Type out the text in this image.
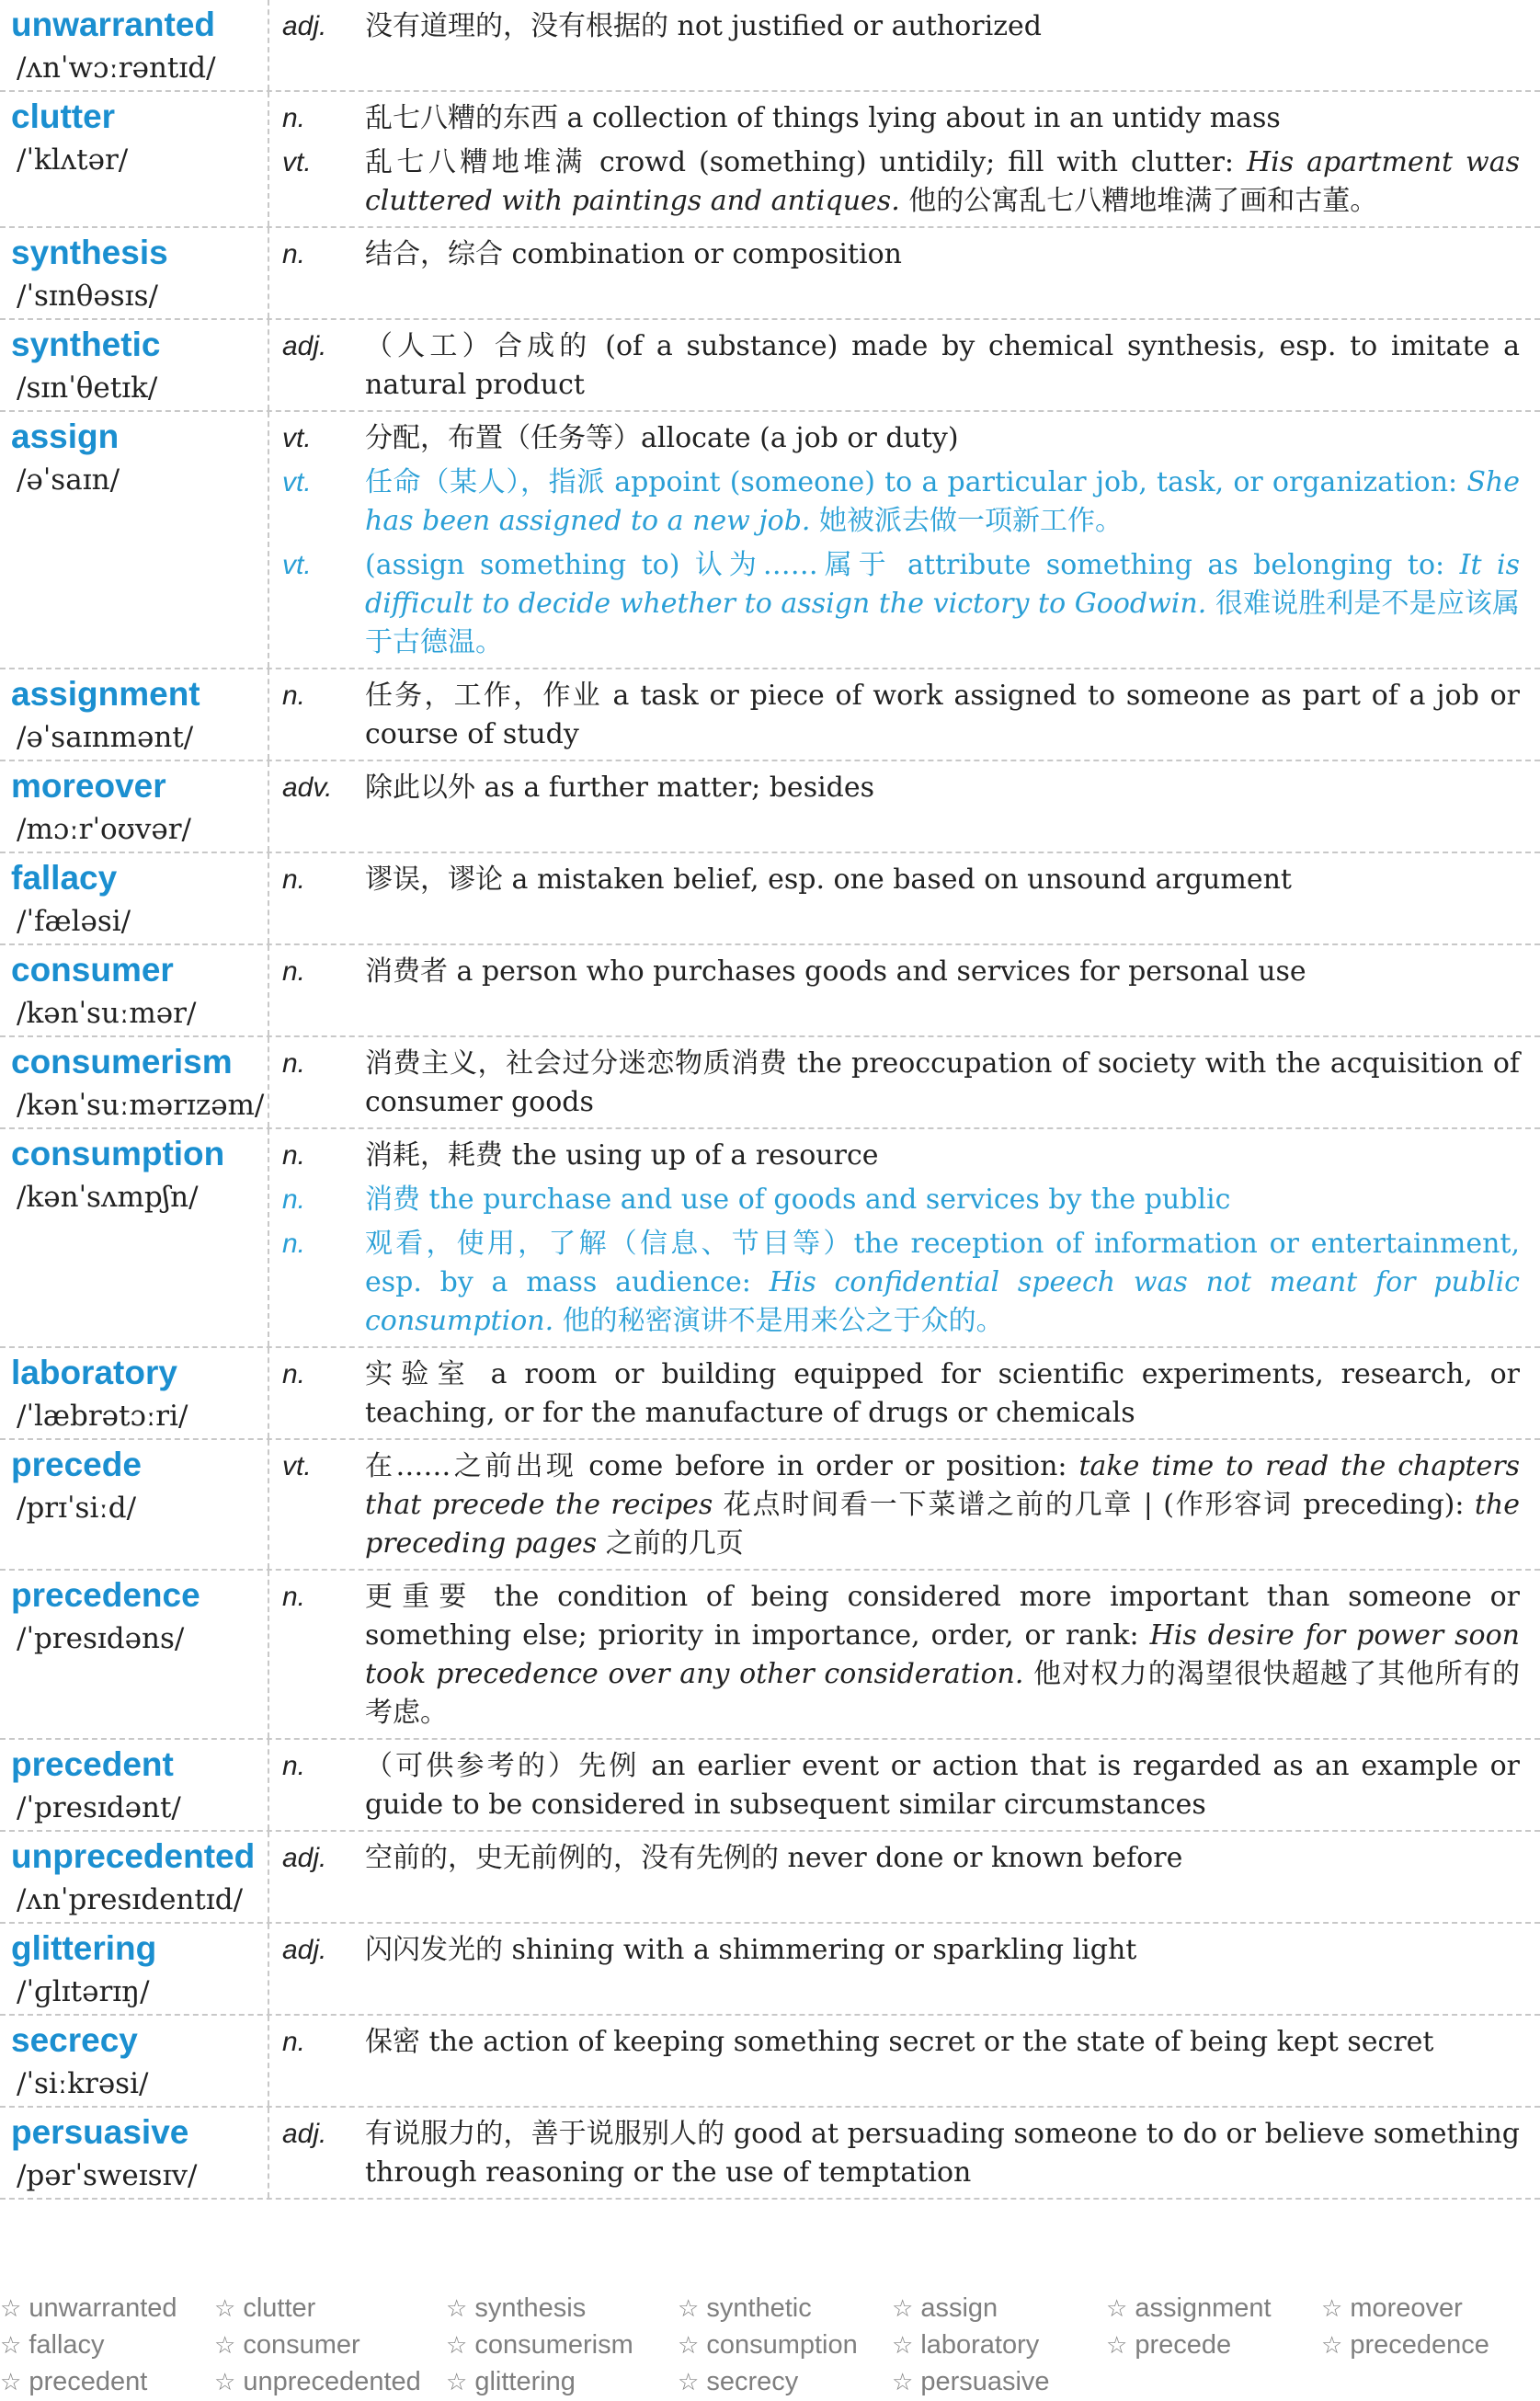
unwarranted
/ʌnˈwɔːrəntɪd/
adj.	没有道理的，没有根据的 not justified or authorized
clutter
/ˈklʌtər/
n.	乱七八糟的东西 a collection of things lying about in an untidy mass
vt.	乱七八糟地堆满 crowd (something) untidily; fill with clutter: His apartment was cluttered with paintings and antiques. 他的公寓乱七八糟地堆满了画和古董。
synthesis
/ˈsɪnθəsɪs/
n.	结合，综合 combination or composition
synthetic
/sɪnˈθetɪk/
adj.	（人工）合成的 (of a substance) made by chemical synthesis, esp. to imitate a natural product
assign
/əˈsaɪn/
vt.	分配，布置（任务等）allocate (a job or duty)
vt.	任命（某人），指派 appoint (someone) to a particular job, task, or organization: She has been assigned to a new job. 她被派去做一项新工作。
vt.	(assign something to) 认为……属于 attribute something as belonging to: It is difficult to decide whether to assign the victory to Goodwin. 很难说胜利是不是应该属于古德温。
assignment
/əˈsaɪnmənt/
n.	任务，工作，作业 a task or piece of work assigned to someone as part of a job or course of study
moreover
/mɔːrˈoʊvər/
adv.	除此以外 as a further matter; besides
fallacy
/ˈfæləsi/
n.	谬误，谬论 a mistaken belief, esp. one based on unsound argument
consumer
/kənˈsuːmər/
n.	消费者 a person who purchases goods and services for personal use
consumerism
/kənˈsuːmərɪzəm/
n.	消费主义，社会过分迷恋物质消费 the preoccupation of society with the acquisition of consumer goods
consumption
/kənˈsʌmpʃn/
n.	消耗，耗费 the using up of a resource
n.	消费 the purchase and use of goods and services by the public
n.	观看，使用，了解（信息、节目等）the reception of information or entertainment, esp. by a mass audience: His confidential speech was not meant for public consumption. 他的秘密演讲不是用来公之于众的。
laboratory
/ˈlæbrətɔːri/
n.	实验室 a room or building equipped for scientific experiments, research, or teaching, or for the manufacture of drugs or chemicals
precede
/prɪˈsiːd/
vt.	在……之前出现 come before in order or position: take time to read the chapters that precede the recipes 花点时间看一下菜谱之前的几章 | (作形容词 preceding): the preceding pages 之前的几页
precedence
/ˈpresɪdəns/
n.	更重要 the condition of being considered more important than someone or something else; priority in importance, order, or rank: His desire for power soon took precedence over any other consideration. 他对权力的渴望很快超越了其他所有的考虑。
precedent
/ˈpresɪdənt/
n.	（可供参考的）先例 an earlier event or action that is regarded as an example or guide to be considered in subsequent similar circumstances
unprecedented
/ʌnˈpresɪdentɪd/
adj.	空前的，史无前例的，没有先例的 never done or known before
glittering
/ˈɡlɪtərɪŋ/
adj.	闪闪发光的 shining with a shimmering or sparkling light
secrecy
/ˈsiːkrəsi/
n.	保密 the action of keeping something secret or the state of being kept secret
persuasive
/pərˈsweɪsɪv/
adj.	有说服力的，善于说服别人的 good at persuading someone to do or believe something through reasoning or the use of temptation
☆ unwarranted ☆ clutter	☆ synthesis	☆ synthetic	☆ assign	☆ assignment ☆ moreover
☆ fallacy	☆ consumer	☆ consumerism ☆ consumption ☆ laboratory	☆ precede	☆ precedence
☆ precedent	☆ unprecedented ☆ glittering	☆ secrecy	☆ persuasive
